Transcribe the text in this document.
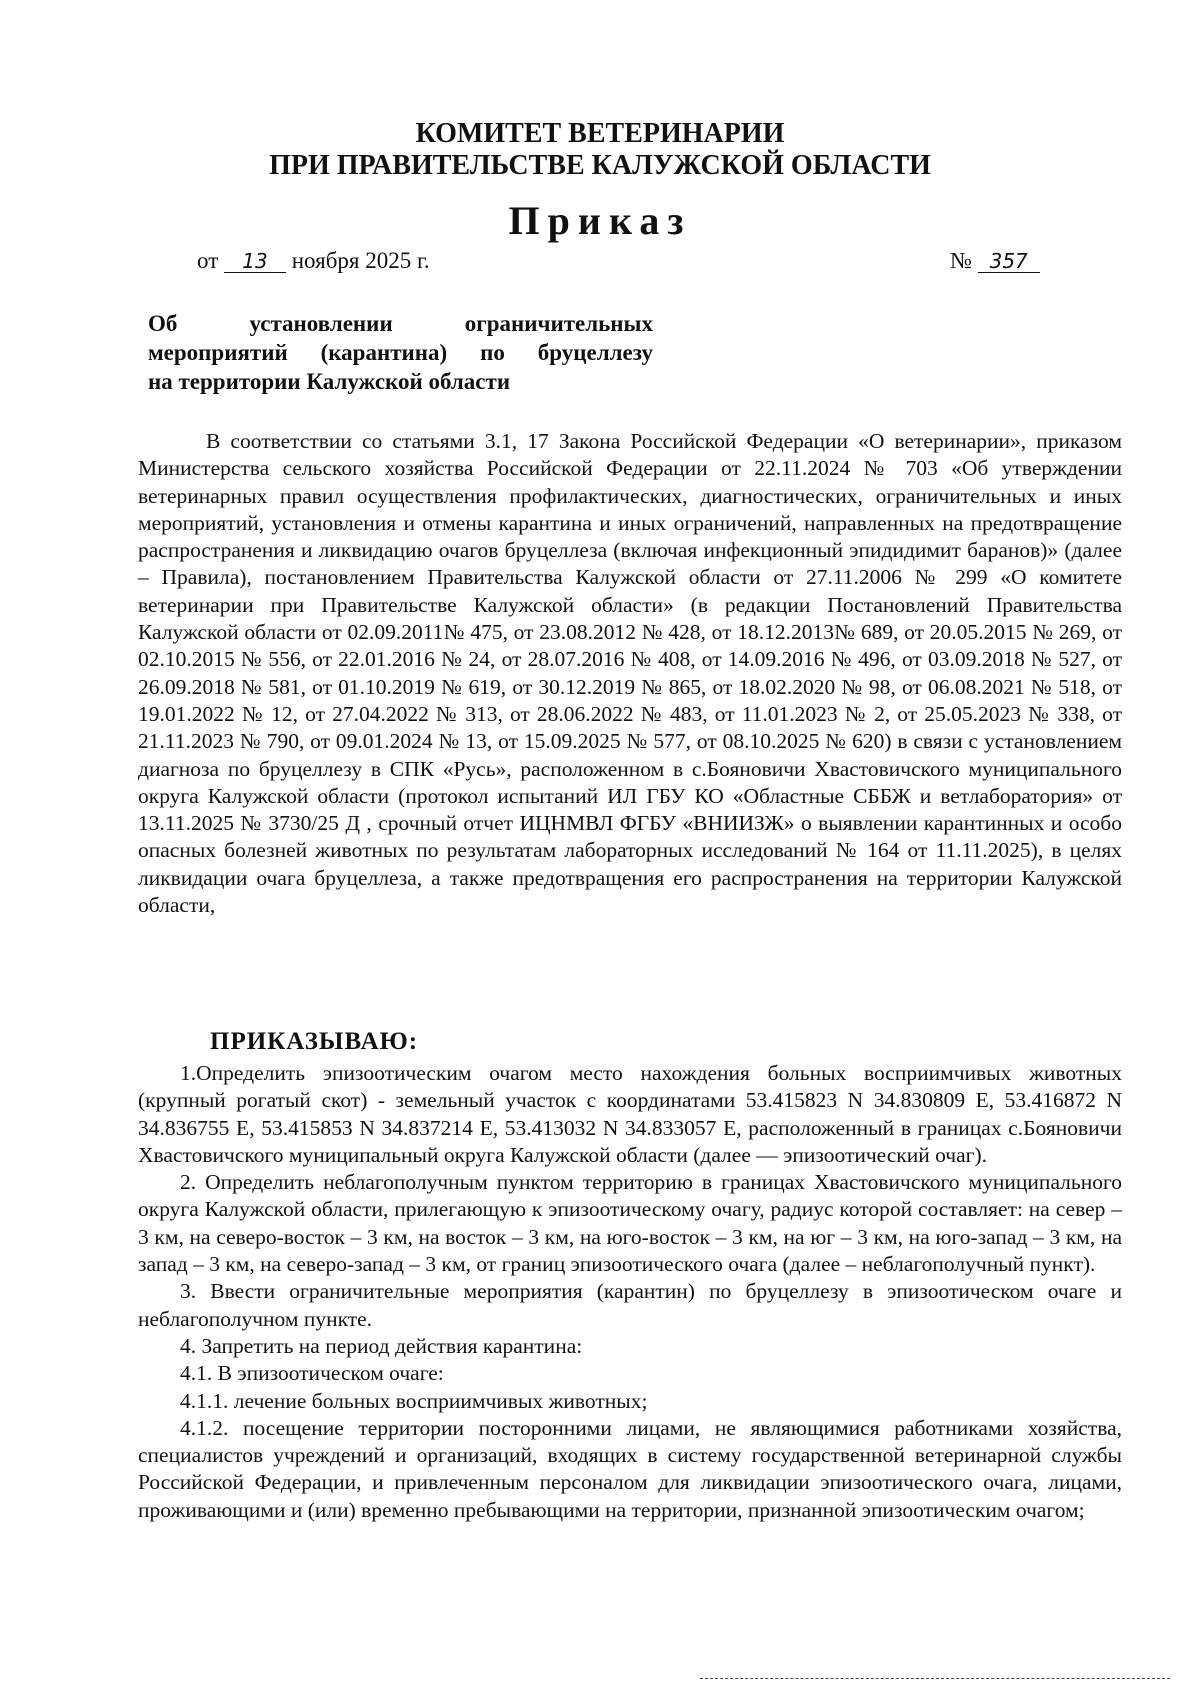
КОМИТЕТ ВЕТЕРИНАРИИ
ПРИ ПРАВИТЕЛЬСТВЕ КАЛУЖСКОЙ ОБЛАСТИ
Приказ
от 13 ноября 2025 г.	№ 357
Об установлении ограничительных
мероприятий (карантина) по бруцеллезу
на территории Калужской области

В соответствии со статьями 3.1, 17 Закона Российской Федерации «О ветеринарии», приказом Министерства сельского хозяйства Российской Федерации от 22.11.2024 № 703 «Об утверждении ветеринарных правил осуществления профилактических, диагностических, ограничительных и иных мероприятий, установления и отмены карантина и иных ограничений, направленных на предотвращение распространения и ликвидацию очагов бруцеллеза (включая инфекционный эпидидимит баранов)» (далее – Правила), постановлением Правительства Калужской области от 27.11.2006 № 299 «О комитете ветеринарии при Правительстве Калужской области» (в редакции Постановлений Правительства Калужской области от 02.09.2011№ 475, от 23.08.2012 № 428, от 18.12.2013№ 689, от 20.05.2015 № 269, от 02.10.2015 № 556, от 22.01.2016 № 24, от 28.07.2016 № 408, от 14.09.2016 № 496, от 03.09.2018 № 527, от 26.09.2018 № 581, от 01.10.2019 № 619, от 30.12.2019 № 865, от 18.02.2020 № 98, от 06.08.2021 № 518, от 19.01.2022 № 12, от 27.04.2022 № 313, от 28.06.2022 № 483, от 11.01.2023 № 2, от 25.05.2023 № 338, от 21.11.2023 № 790, от 09.01.2024 № 13, от 15.09.2025 № 577, от 08.10.2025 № 620) в связи с установлением диагноза по бруцеллезу в СПК «Русь», расположенном в с.Бояновичи Хвастовичского муниципального округа Калужской области (протокол испытаний ИЛ ГБУ КО «Областные СББЖ и ветлаборатория» от 13.11.2025 № 3730/25 Д , срочный отчет ИЦНМВЛ ФГБУ «ВНИИЗЖ» о выявлении карантинных и особо опасных болезней животных по результатам лабораторных исследований № 164 от 11.11.2025), в целях ликвидации очага бруцеллеза, а также предотвращения его распространения на территории Калужской области,

ПРИКАЗЫВАЮ:

1.Определить эпизоотическим очагом место нахождения больных восприимчивых животных (крупный рогатый скот) - земельный участок с координатами 53.415823 N 34.830809 E, 53.416872 N 34.836755 E, 53.415853 N 34.837214 E, 53.413032 N 34.833057 E, расположенный в границах с.Бояновичи Хвастовичского муниципальный округа Калужской области (далее — эпизоотический очаг).

2. Определить неблагополучным пунктом территорию в границах Хвастовичского муниципального округа Калужской области, прилегающую к эпизоотическому очагу, радиус которой составляет: на север – 3 км, на северо-восток – 3 км, на восток – 3 км, на юго-восток – 3 км, на юг – 3 км, на юго-запад – 3 км, на запад – 3 км, на северо-запад – 3 км, от границ эпизоотического очага (далее – неблагополучный пункт).

3. Ввести ограничительные мероприятия (карантин) по бруцеллезу в эпизоотическом очаге и неблагополучном пункте.

4. Запретить на период действия карантина:

4.1. В эпизоотическом очаге:

4.1.1. лечение больных восприимчивых животных;

4.1.2. посещение территории посторонними лицами, не являющимися работниками хозяйства, специалистов учреждений и организаций, входящих в систему государственной ветеринарной службы Российской Федерации, и привлеченным персоналом для ликвидации эпизоотического очага, лицами, проживающими и (или) временно пребывающими на территории, признанной эпизоотическим очагом;
